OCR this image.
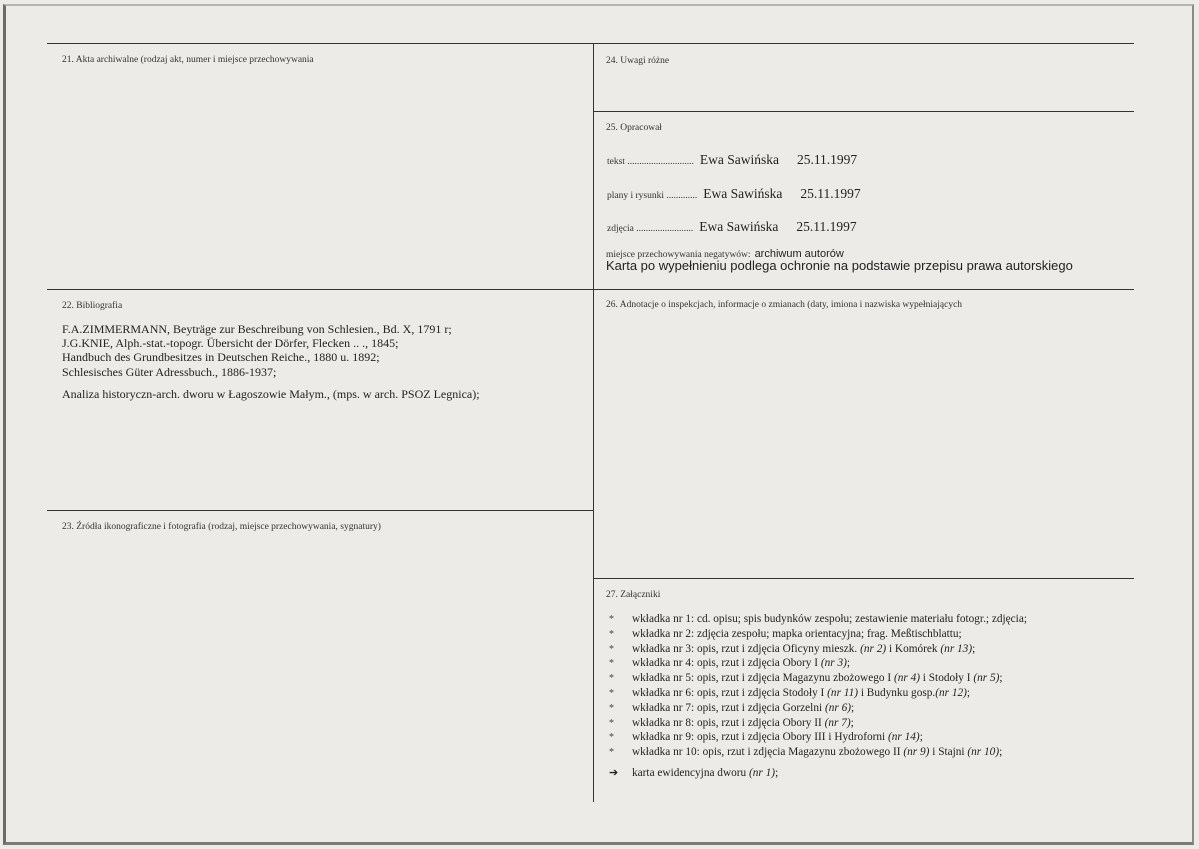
21. Akta archiwalne (rodzaj akt, numer i miejsce przechowywania	24. Uwagi różne
25. Opracował
tekst ............................ Ewa Sawińska 25.11.1997
plany i rysunki ............. Ewa Sawińska 25.11.1997
zdjęcia ........................ Ewa Sawińska 25.11.1997
miejsce przechowywania negatywów: archiwum autorów
Karta po wypełnieniu podlega ochronie na podstawie przepisu prawa autorskiego
22. Bibliografia
F.A.ZIMMERMANN, Beyträge zur Beschreibung von Schlesien., Bd. X, 1791 r;
J.G.KNIE, Alph.-stat.-topogr. Übersicht der Dörfer, Flecken .. ., 1845;
Handbuch des Grundbesitzes in Deutschen Reiche., 1880 u. 1892;
Schlesisches Güter Adressbuch., 1886-1937;
Analiza historyczn-arch. dworu w Łagoszowie Małym., (mps. w arch. PSOZ Legnica);
26. Adnotacje o inspekcjach, informacje o zmianach (daty, imiona i nazwiska wypełniających
23. Źródła ikonograficzne i fotografia (rodzaj, miejsce przechowywania, sygnatury)
27. Załączniki
* wkładka nr 1: cd. opisu; spis budynków zespołu; zestawienie materiału fotogr.; zdjęcia;
* wkładka nr 2: zdjęcia zespołu; mapka orientacyjna; frag. Meßtischblattu;
* wkładka nr 3: opis, rzut i zdjęcia Oficyny mieszk. (nr 2) i Komórek (nr 13);
* wkładka nr 4: opis, rzut i zdjęcia Obory I (nr 3);
* wkładka nr 5: opis, rzut i zdjęcia Magazynu zbożowego I (nr 4) i Stodoły I (nr 5);
* wkładka nr 6: opis, rzut i zdjęcia Stodoły I (nr 11) i Budynku gosp.(nr 12);
* wkładka nr 7: opis, rzut i zdjęcia Gorzelni (nr 6);
* wkładka nr 8: opis, rzut i zdjęcia Obory II (nr 7);
* wkładka nr 9: opis, rzut i zdjęcia Obory III i Hydroforni (nr 14);
* wkładka nr 10: opis, rzut i zdjęcia Magazynu zbożowego II (nr 9) i Stajni (nr 10);
➔ karta ewidencyjna dworu (nr 1);
